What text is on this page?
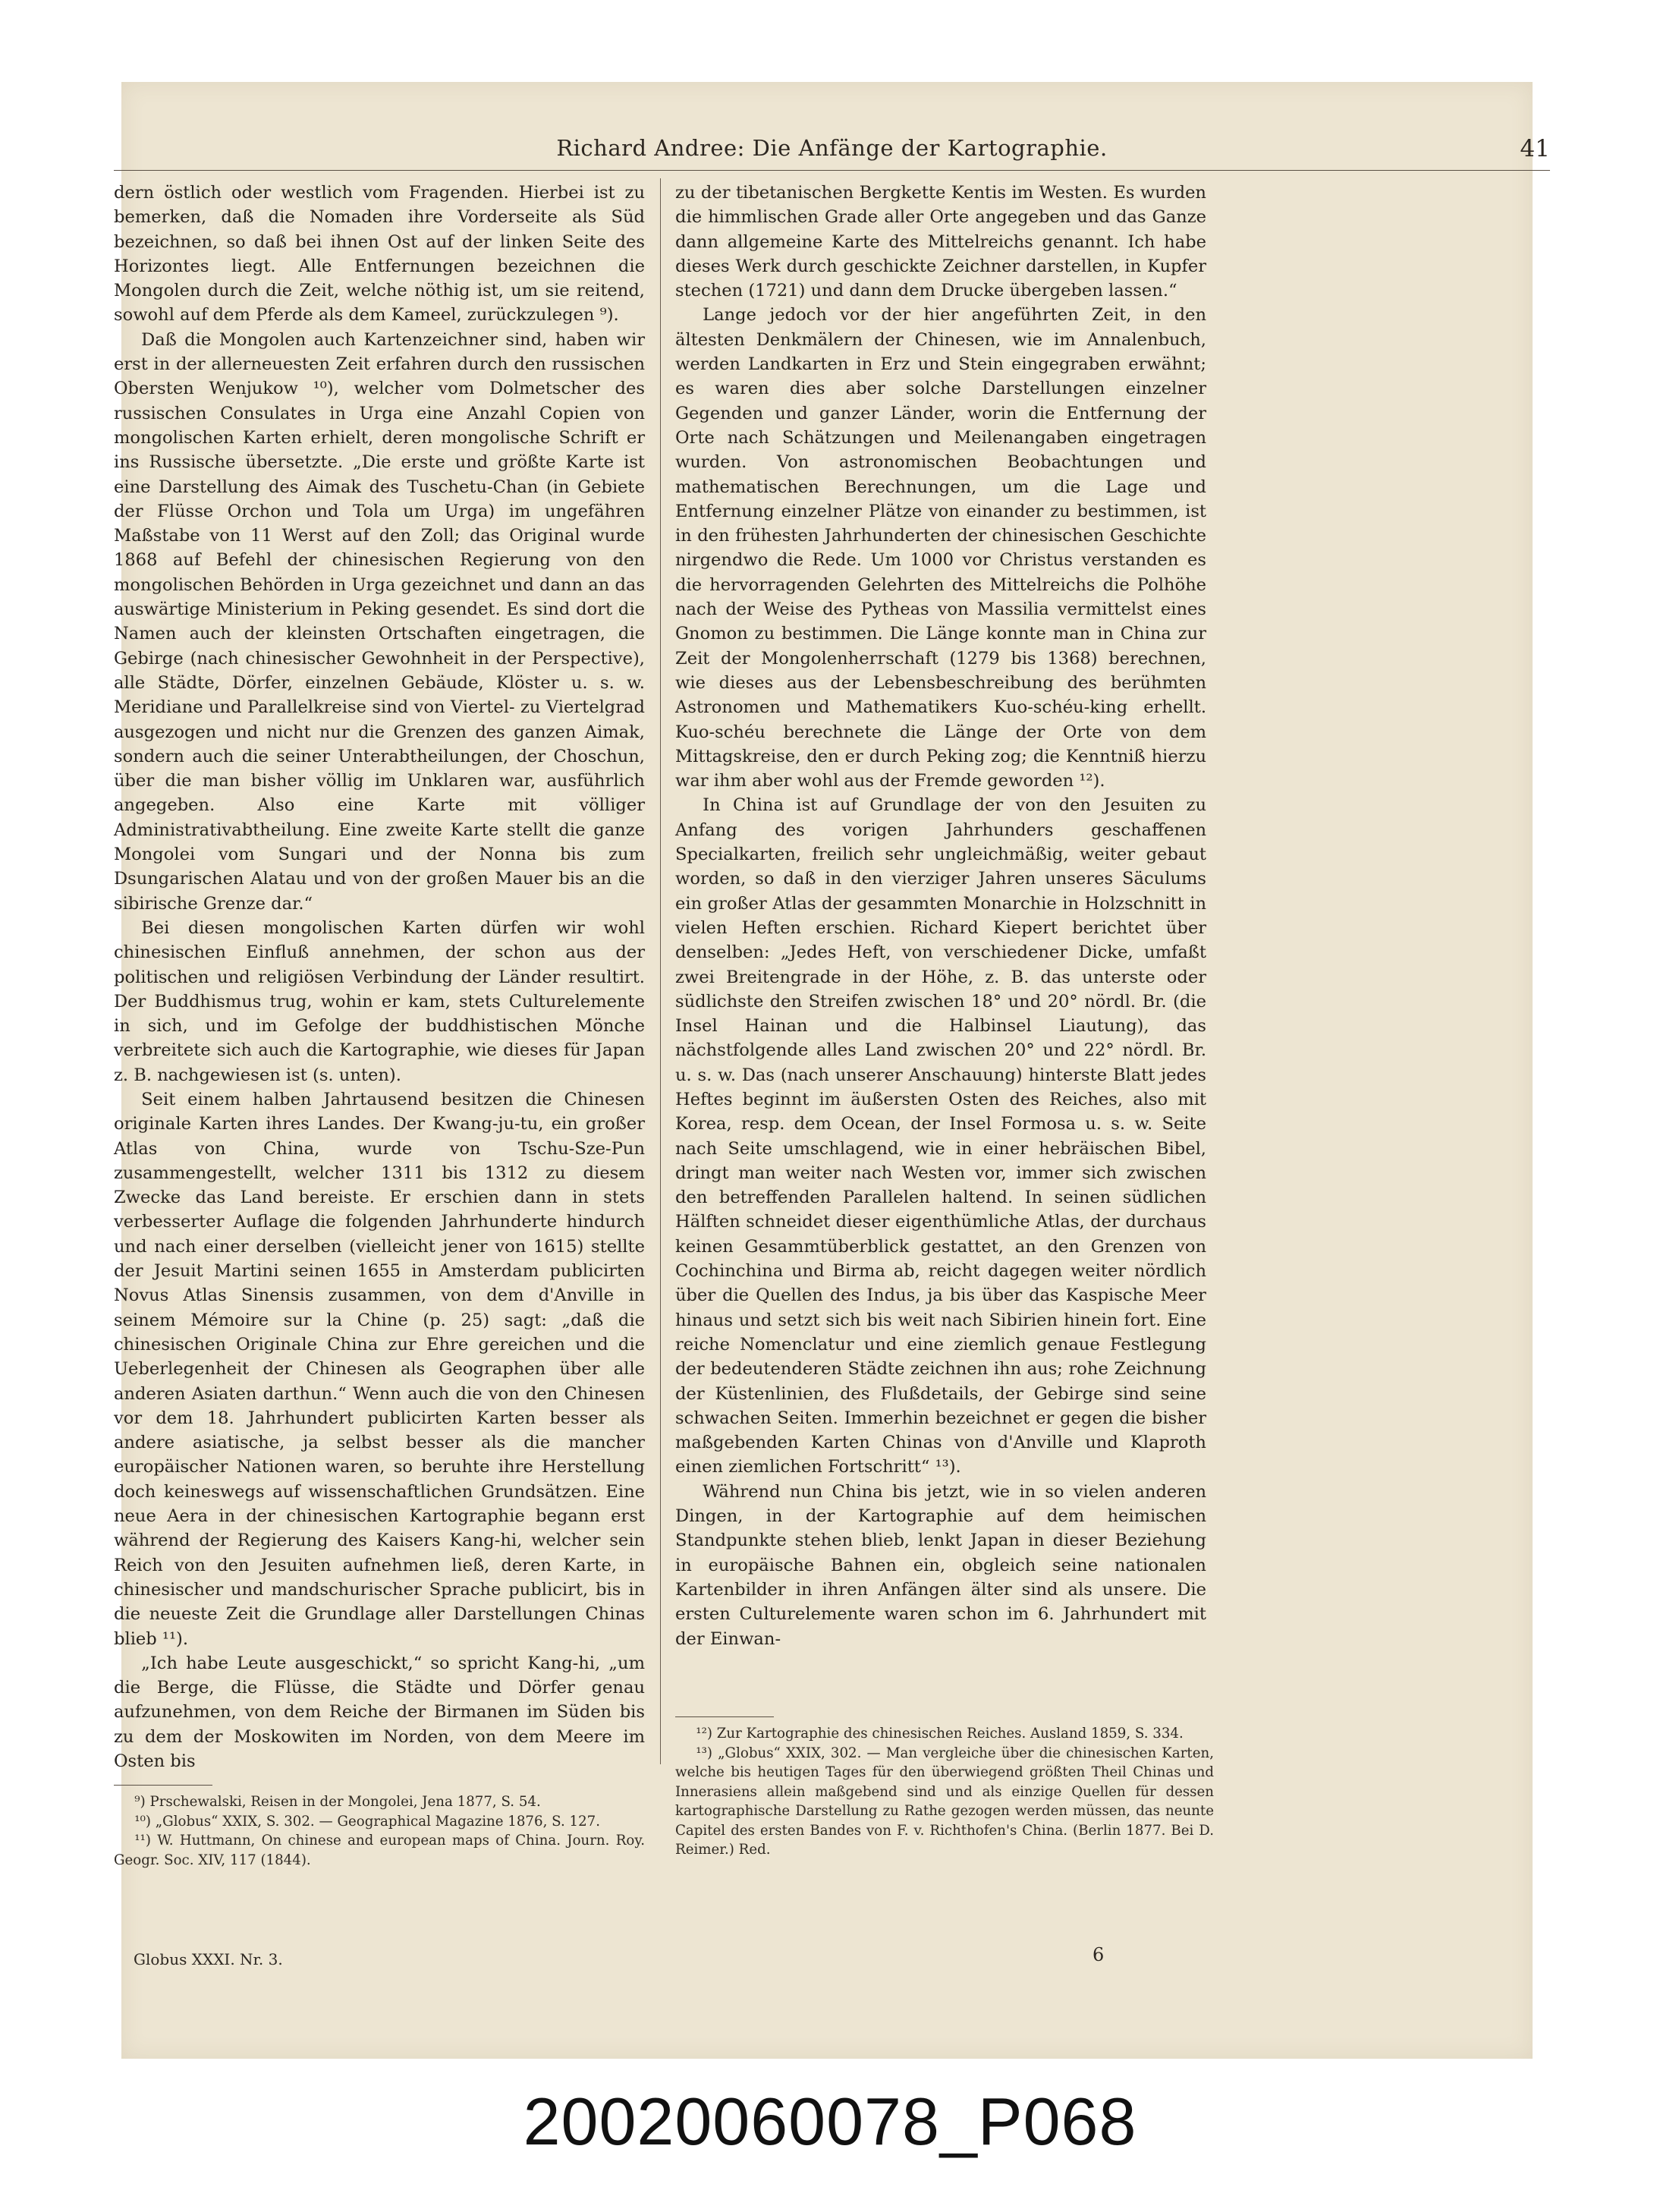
Richard Andree: Die Anfänge der Kartographie.	41

dern östlich oder westlich vom Fragenden. Hierbei ist zu bemerken, daß die Nomaden ihre Vorderseite als Süd bezeichnen, so daß bei ihnen Ost auf der linken Seite des Horizontes liegt. Alle Entfernungen bezeichnen die Mongolen durch die Zeit, welche nöthig ist, um sie reitend, sowohl auf dem Pferde als dem Kameel, zurückzulegen ⁹).

Daß die Mongolen auch Kartenzeichner sind, haben wir erst in der allerneuesten Zeit erfahren durch den russischen Obersten Wenjukow ¹⁰), welcher vom Dolmetscher des russischen Consulates in Urga eine Anzahl Copien von mongolischen Karten erhielt, deren mongolische Schrift er ins Russische übersetzte. „Die erste und größte Karte ist eine Darstellung des Aimak des Tuschetu-Chan (in Gebiete der Flüsse Orchon und Tola um Urga) im ungefähren Maßstabe von 11 Werst auf den Zoll; das Original wurde 1868 auf Befehl der chinesischen Regierung von den mongolischen Behörden in Urga gezeichnet und dann an das auswärtige Ministerium in Peking gesendet. Es sind dort die Namen auch der kleinsten Ortschaften eingetragen, die Gebirge (nach chinesischer Gewohnheit in der Perspective), alle Städte, Dörfer, einzelnen Gebäude, Klöster u. s. w. Meridiane und Parallelkreise sind von Viertel- zu Viertelgrad ausgezogen und nicht nur die Grenzen des ganzen Aimak, sondern auch die seiner Unterabtheilungen, der Choschun, über die man bisher völlig im Unklaren war, ausführlich angegeben. Also eine Karte mit völliger Administrativabtheilung. Eine zweite Karte stellt die ganze Mongolei vom Sungari und der Nonna bis zum Dsungarischen Alatau und von der großen Mauer bis an die sibirische Grenze dar.“

Bei diesen mongolischen Karten dürfen wir wohl chinesischen Einfluß annehmen, der schon aus der politischen und religiösen Verbindung der Länder resultirt. Der Buddhismus trug, wohin er kam, stets Culturelemente in sich, und im Gefolge der buddhistischen Mönche verbreitete sich auch die Kartographie, wie dieses für Japan z. B. nachgewiesen ist (s. unten).

Seit einem halben Jahrtausend besitzen die Chinesen originale Karten ihres Landes. Der Kwang-ju-tu, ein großer Atlas von China, wurde von Tschu-Sze-Pun zusammengestellt, welcher 1311 bis 1312 zu diesem Zwecke das Land bereiste. Er erschien dann in stets verbesserter Auflage die folgenden Jahrhunderte hindurch und nach einer derselben (vielleicht jener von 1615) stellte der Jesuit Martini seinen 1655 in Amsterdam publicirten Novus Atlas Sinensis zusammen, von dem d'Anville in seinem Mémoire sur la Chine (p. 25) sagt: „daß die chinesischen Originale China zur Ehre gereichen und die Ueberlegenheit der Chinesen als Geographen über alle anderen Asiaten darthun.“ Wenn auch die von den Chinesen vor dem 18. Jahrhundert publicirten Karten besser als andere asiatische, ja selbst besser als die mancher europäischer Nationen waren, so beruhte ihre Herstellung doch keineswegs auf wissenschaftlichen Grundsätzen. Eine neue Aera in der chinesischen Kartographie begann erst während der Regierung des Kaisers Kang-hi, welcher sein Reich von den Jesuiten aufnehmen ließ, deren Karte, in chinesischer und mandschurischer Sprache publicirt, bis in die neueste Zeit die Grundlage aller Darstellungen Chinas blieb ¹¹).

„Ich habe Leute ausgeschickt,“ so spricht Kang-hi, „um die Berge, die Flüsse, die Städte und Dörfer genau aufzunehmen, von dem Reiche der Birmanen im Süden bis zu dem der Moskowiten im Norden, von dem Meere im Osten bis

zu der tibetanischen Bergkette Kentis im Westen. Es wurden die himmlischen Grade aller Orte angegeben und das Ganze dann allgemeine Karte des Mittelreichs genannt. Ich habe dieses Werk durch geschickte Zeichner darstellen, in Kupfer stechen (1721) und dann dem Drucke übergeben lassen.“

Lange jedoch vor der hier angeführten Zeit, in den ältesten Denkmälern der Chinesen, wie im Annalenbuch, werden Landkarten in Erz und Stein eingegraben erwähnt; es waren dies aber solche Darstellungen einzelner Gegenden und ganzer Länder, worin die Entfernung der Orte nach Schätzungen und Meilenangaben eingetragen wurden. Von astronomischen Beobachtungen und mathematischen Berechnungen, um die Lage und Entfernung einzelner Plätze von einander zu bestimmen, ist in den frühesten Jahrhunderten der chinesischen Geschichte nirgendwo die Rede. Um 1000 vor Christus verstanden es die hervorragenden Gelehrten des Mittelreichs die Polhöhe nach der Weise des Pytheas von Massilia vermittelst eines Gnomon zu bestimmen. Die Länge konnte man in China zur Zeit der Mongolenherrschaft (1279 bis 1368) berechnen, wie dieses aus der Lebensbeschreibung des berühmten Astronomen und Mathematikers Kuo-schéu-king erhellt. Kuo-schéu berechnete die Länge der Orte von dem Mittagskreise, den er durch Peking zog; die Kenntniß hierzu war ihm aber wohl aus der Fremde geworden ¹²).

In China ist auf Grundlage der von den Jesuiten zu Anfang des vorigen Jahrhunders geschaffenen Specialkarten, freilich sehr ungleichmäßig, weiter gebaut worden, so daß in den vierziger Jahren unseres Säculums ein großer Atlas der gesammten Monarchie in Holzschnitt in vielen Heften erschien. Richard Kiepert berichtet über denselben: „Jedes Heft, von verschiedener Dicke, umfaßt zwei Breitengrade in der Höhe, z. B. das unterste oder südlichste den Streifen zwischen 18° und 20° nördl. Br. (die Insel Hainan und die Halbinsel Liautung), das nächstfolgende alles Land zwischen 20° und 22° nördl. Br. u. s. w. Das (nach unserer Anschauung) hinterste Blatt jedes Heftes beginnt im äußersten Osten des Reiches, also mit Korea, resp. dem Ocean, der Insel Formosa u. s. w. Seite nach Seite umschlagend, wie in einer hebräischen Bibel, dringt man weiter nach Westen vor, immer sich zwischen den betreffenden Parallelen haltend. In seinen südlichen Hälften schneidet dieser eigenthümliche Atlas, der durchaus keinen Gesammtüberblick gestattet, an den Grenzen von Cochinchina und Birma ab, reicht dagegen weiter nördlich über die Quellen des Indus, ja bis über das Kaspische Meer hinaus und setzt sich bis weit nach Sibirien hinein fort. Eine reiche Nomenclatur und eine ziemlich genaue Festlegung der bedeutenderen Städte zeichnen ihn aus; rohe Zeichnung der Küstenlinien, des Flußdetails, der Gebirge sind seine schwachen Seiten. Immerhin bezeichnet er gegen die bisher maßgebenden Karten Chinas von d'Anville und Klaproth einen ziemlichen Fortschritt“ ¹³).

Während nun China bis jetzt, wie in so vielen anderen Dingen, in der Kartographie auf dem heimischen Standpunkte stehen blieb, lenkt Japan in dieser Beziehung in europäische Bahnen ein, obgleich seine nationalen Kartenbilder in ihren Anfängen älter sind als unsere. Die ersten Culturelemente waren schon im 6. Jahrhundert mit der Einwan-

⁹) Prschewalski, Reisen in der Mongolei, Jena 1877, S. 54.

¹⁰) „Globus“ XXIX, S. 302. — Geographical Magazine 1876, S. 127.

¹¹) W. Huttmann, On chinese and european maps of China. Journ. Roy. Geogr. Soc. XIV, 117 (1844).

¹²) Zur Kartographie des chinesischen Reiches. Ausland 1859, S. 334.

¹³) „Globus“ XXIX, 302. — Man vergleiche über die chinesischen Karten, welche bis heutigen Tages für den überwiegend größten Theil Chinas und Innerasiens allein maßgebend sind und als einzige Quellen für dessen kartographische Darstellung zu Rathe gezogen werden müssen, das neunte Capitel des ersten Bandes von F. v. Richthofen's China. (Berlin 1877. Bei D. Reimer.) Red.

Globus XXXI. Nr. 3.	6
20020060078_P068
